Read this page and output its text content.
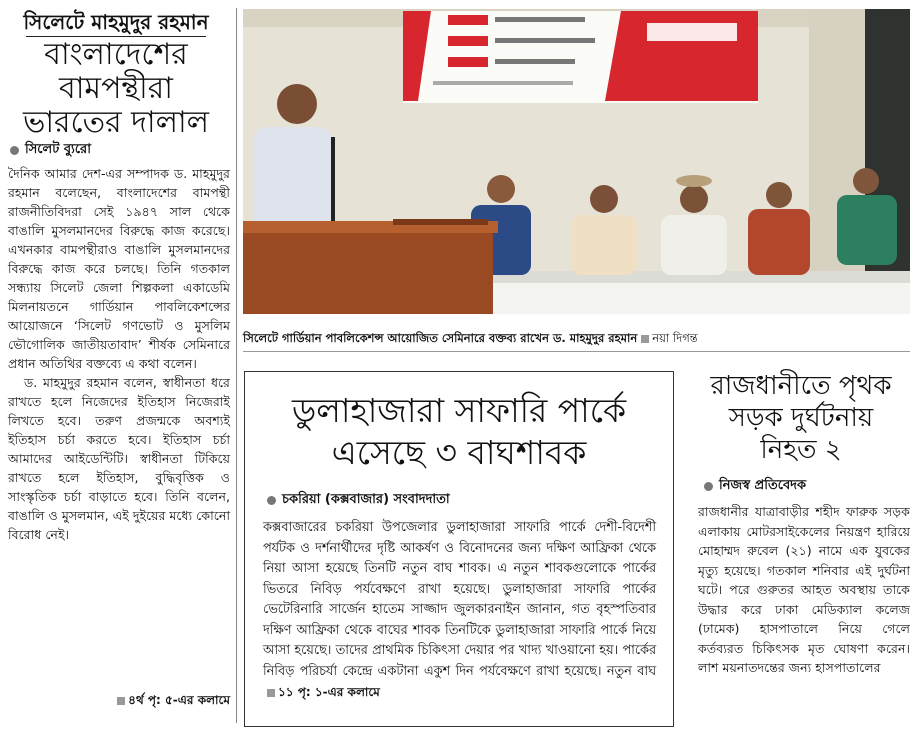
সিলেটে মাহমুদুর রহমান
বাংলাদেশের
বামপন্থীরা
ভারতের দালাল
সিলেট ব্যুরো

দৈনিক আমার দেশ-এর সম্পাদক ড. মাহমুদুর রহমান বলেছেন, বাংলাদেশের বামপন্থী রাজনীতিবিদরা সেই ১৯৪৭ সাল থেকে বাঙালি মুসলমানদের বিরুদ্ধে কাজ করেছে। এখনকার বামপন্থীরাও বাঙালি মুসলমানদের বিরুদ্ধে কাজ করে চলছে। তিনি গতকাল সন্ধ্যায় সিলেট জেলা শিল্পকলা একাডেমি মিলনায়তনে গার্ডিয়ান পাবলিকেশন্সের আয়োজনে ‘সিলেট গণভোট ও মুসলিম ভৌগোলিক জাতীয়তাবাদ’ শীর্ষক সেমিনারে প্রধান অতিথির বক্তব্যে এ কথা বলেন।

ড. মাহমুদুর রহমান বলেন, স্বাধীনতা ধরে রাখতে হলে নিজেদের ইতিহাস নিজেরাই লিখতে হবে। তরুণ প্রজন্মকে অবশ্যই ইতিহাস চর্চা করতে হবে। ইতিহাস চর্চা আমাদের আইডেন্টিটি। স্বাধীনতা টিকিয়ে রাখতে হলে ইতিহাস, বুদ্ধিবৃত্তিক ও সাংস্কৃতিক চর্চা বাড়াতে হবে। তিনি বলেন, বাঙালি ও মুসলমান, এই দুইয়ের মধ্যে কোনো বিরোধ নেই।

৪র্থ পৃ: ৫-এর কলামে
সিলেটে গার্ডিয়ান পাবলিকেশন্স আয়োজিত সেমিনারে বক্তব্য রাখেন ড. মাহমুদুর রহমান নয়া দিগন্ত
ডুলাহাজারা সাফারি পার্কে
এসেছে ৩ বাঘশাবক
চকরিয়া (কক্সবাজার) সংবাদদাতা

কক্সবাজারের চকরিয়া উপজেলার ডুলাহাজারা সাফারি পার্কে দেশী-বিদেশী পর্যটক ও দর্শনার্থীদের দৃষ্টি আকর্ষণ ও বিনোদনের জন্য দক্ষিণ আফ্রিকা থেকে নিয়া আসা হয়েছে তিনটি নতুন বাঘ শাবক। এ নতুন শাবকগুলোকে পার্কের ভিতরে নিবিড় পর্যবেক্ষণে রাখা হয়েছে। ডুলাহাজারা সাফারি পার্কের ভেটেরিনারি সার্জেন হাতেম সাজ্জাদ জুলকারনাইন জানান, গত বৃহস্পতিবার দক্ষিণ আফ্রিকা থেকে বাঘের শাবক তিনটিকে ডুলাহাজারা সাফারি পার্কে নিয়ে আসা হয়েছে। তাদের প্রাথমিক চিকিৎসা দেয়ার পর খাদ্য খাওয়ানো হয়। পার্কের নিবিড় পরিচর্যা কেন্দ্রে একটানা একুশ দিন পর্যবেক্ষণে রাখা হয়েছে। নতুন বাঘ১১ পৃ: ১-এর কলামে

রাজধানীতে পৃথক
সড়ক দুর্ঘটনায়
নিহত ২
নিজস্ব প্রতিবেদক

রাজধানীর যাত্রাবাড়ীর শহীদ ফারুক সড়ক এলাকায় মোটরসাইকেলের নিয়ন্ত্রণ হারিয়ে মোহাম্মদ রুবেল (২১) নামে এক যুবকের মৃত্যু হয়েছে। গতকাল শনিবার এই দুর্ঘটনা ঘটে। পরে গুরুতর আহত অবস্থায় তাকে উদ্ধার করে ঢাকা মেডিক্যাল কলেজ (ঢামেক) হাসপাতালে নিয়ে গেলে কর্তব্যরত চিকিৎসক মৃত ঘোষণা করেন। লাশ ময়নাতদন্তের জন্য হাসপাতালের
